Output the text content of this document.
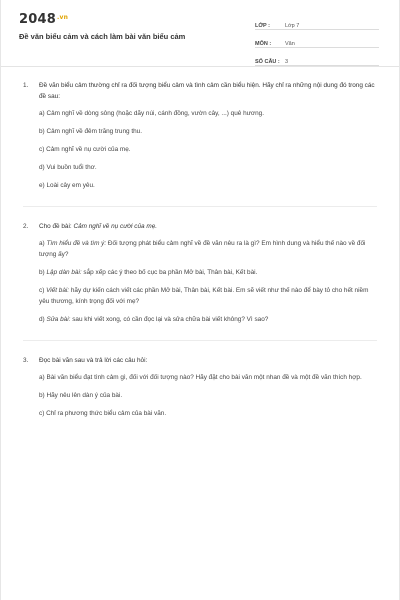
$2048^{.vn}$
Đề văn biểu cảm và cách làm bài văn biểu cảm
LỚP :	Lớp 7
MÔN :	Văn
SỐ CÂU : 3
1.	Đề văn biểu cảm thường chỉ ra đối tượng biểu cảm và tình cảm cần biểu hiện. Hãy chỉ ra những nội dung đó trong các đề sau:
a) Cảm nghĩ về dòng sông (hoặc dãy núi, cánh đồng, vườn cây, ...) quê hương.
b) Cảm nghĩ về đêm trăng trung thu.
c) Cảm nghĩ về nụ cười của mẹ.
d) Vui buồn tuổi thơ.
e) Loài cây em yêu.
2.	Cho đề bài: Cảm nghĩ về nụ cười của mẹ.
a) Tìm hiểu đề và tìm ý: Đối tượng phát biểu cảm nghĩ về đề văn nêu ra là gì? Em hình dung và hiểu thế nào về đối tượng ấy?
b) Lập dàn bài: sắp xếp các ý theo bố cục ba phần Mở bài, Thân bài, Kết bài.
c) Viết bài: hãy dự kiến cách viết các phần Mở bài, Thân bài, Kết bài. Em sẽ viết như thế nào để bày tỏ cho hết niềm yêu thương, kính trọng đối với mẹ?
d) Sửa bài: sau khi viết xong, có cần đọc lại và sửa chữa bài viết không? Vì sao?
3.	Đọc bài văn sau và trả lời các câu hỏi:
a) Bài văn biểu đạt tình cảm gì, đối với đối tượng nào? Hãy đặt cho bài văn một nhan đề và một đề văn thích hợp.
b) Hãy nêu lên dàn ý của bài.
c) Chỉ ra phương thức biểu cảm của bài văn.
